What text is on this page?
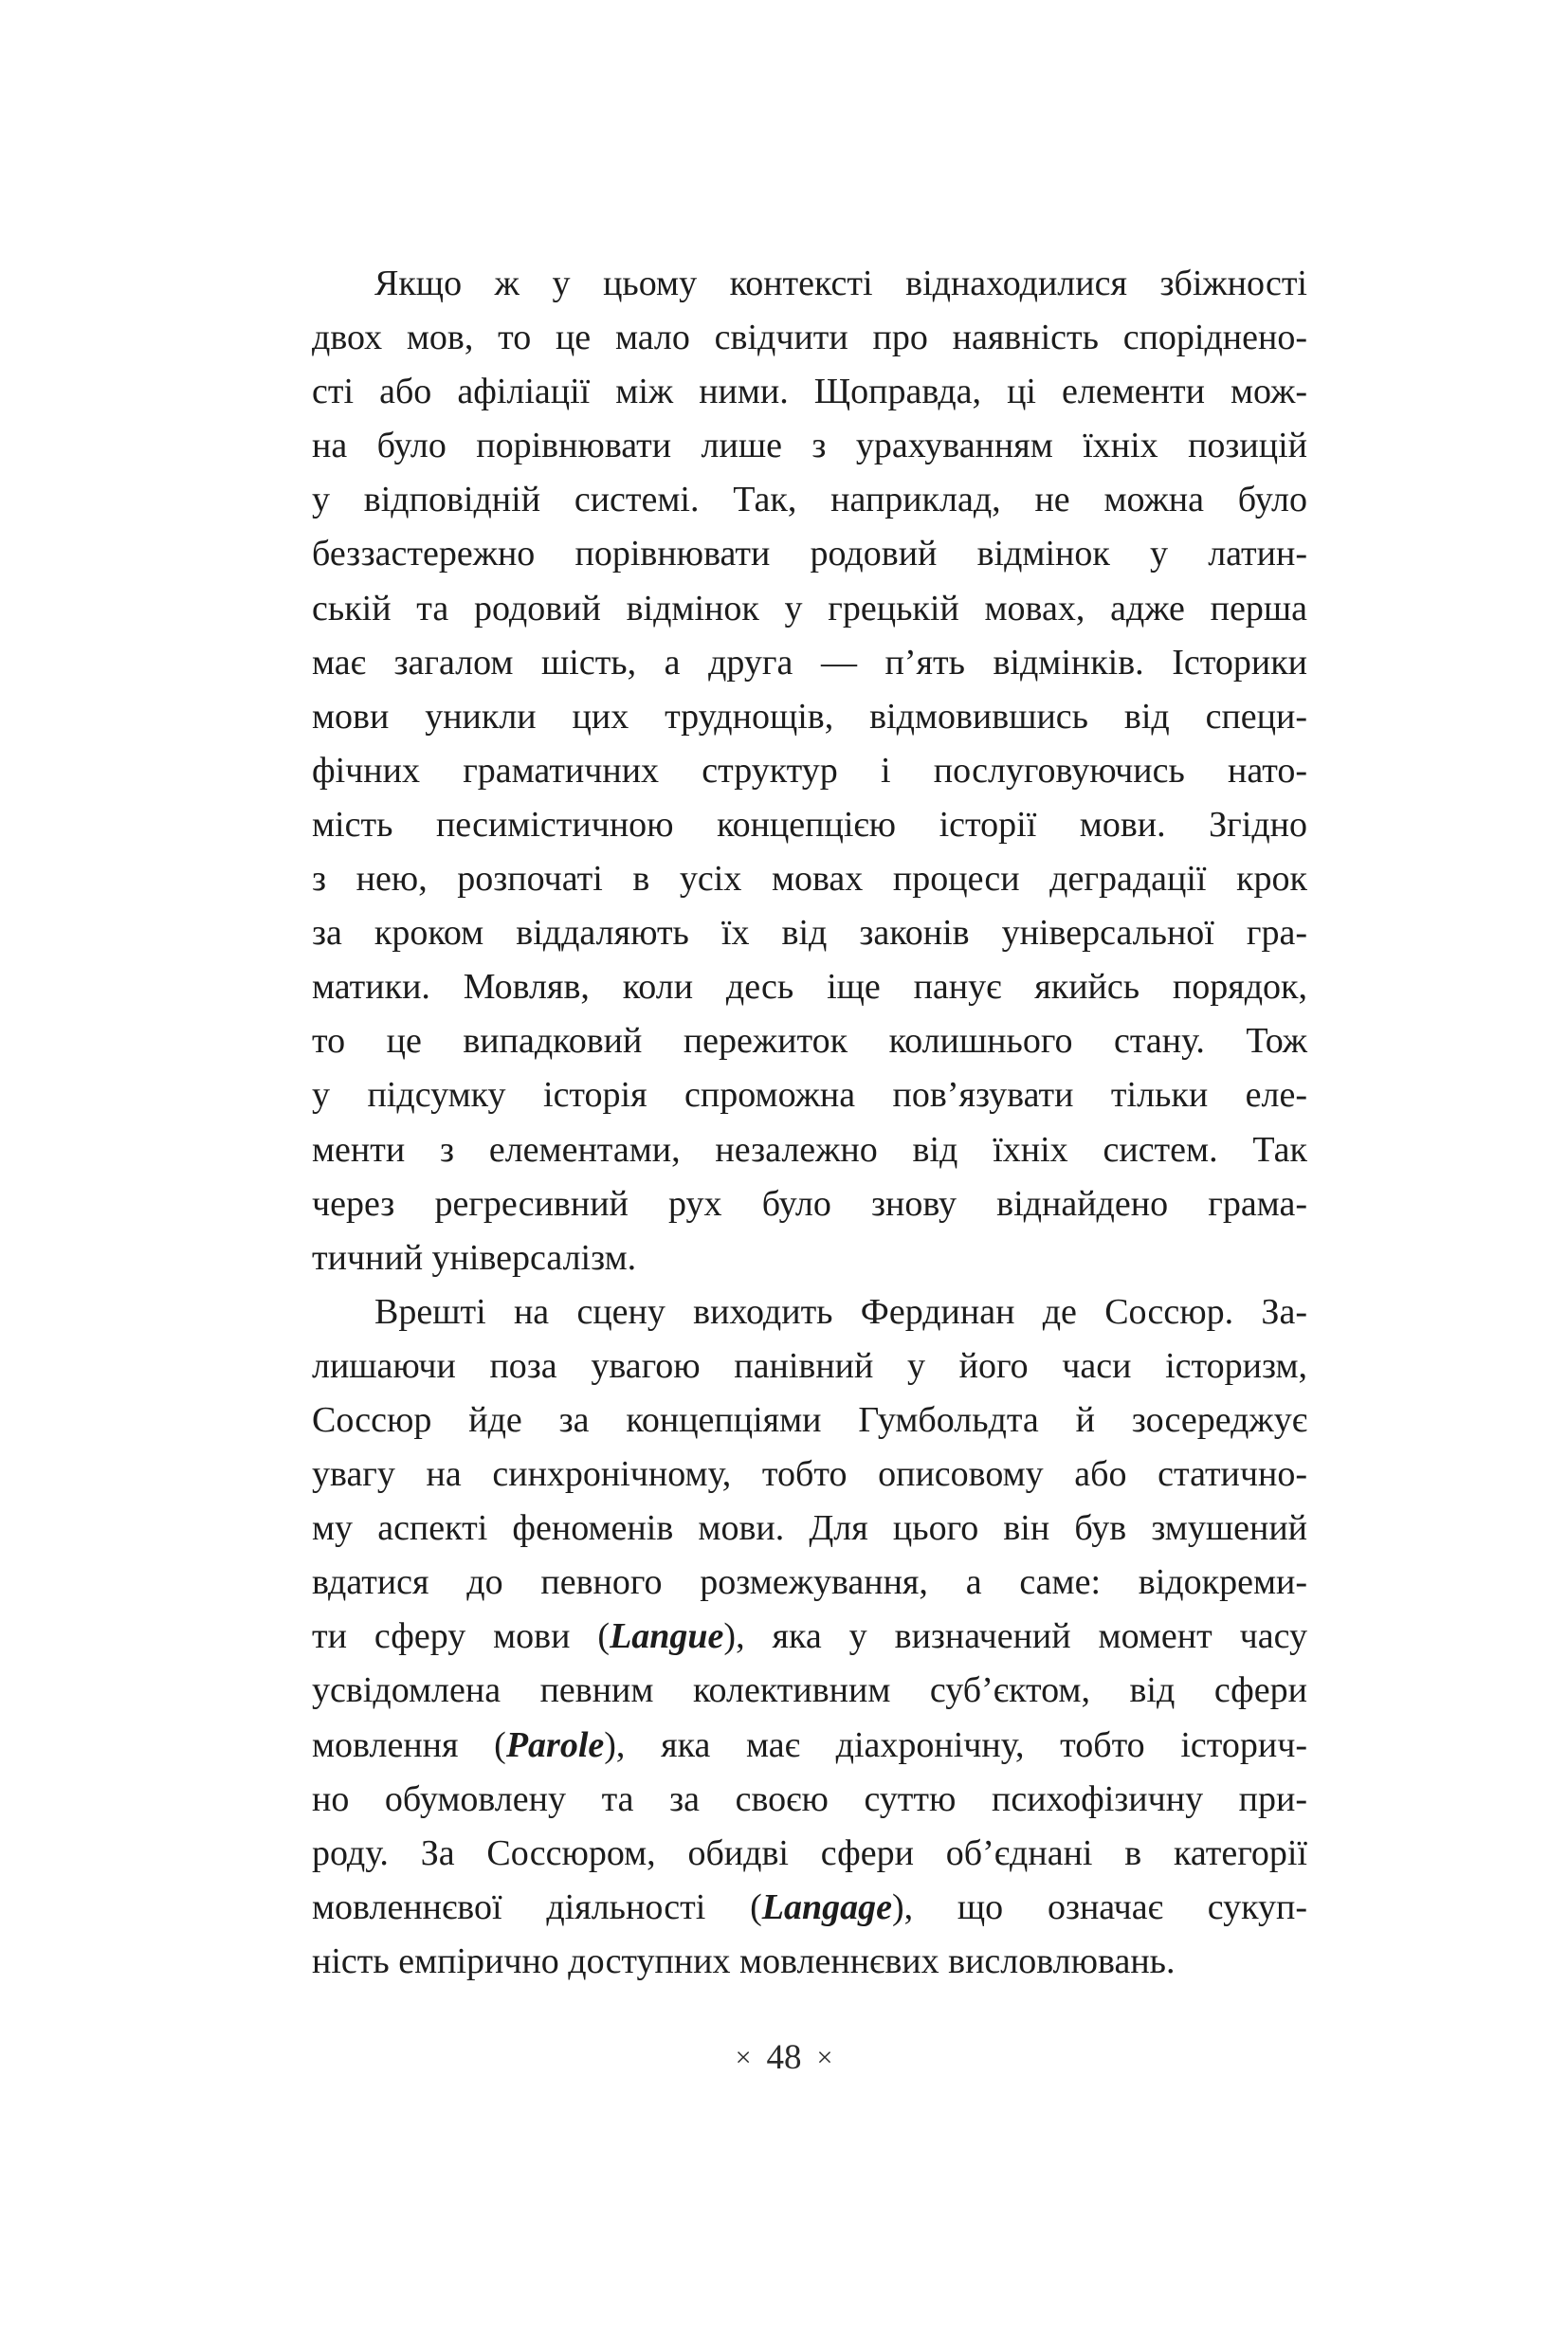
Якщо ж у цьому контексті віднаходилися збіжності
двох мов, то це мало свідчити про наявність споріднено-
сті або афіліації між ними. Щоправда, ці елементи мож-
на було порівнювати лише з урахуванням їхніх позицій
у відповідній системі. Так, наприклад, не можна було
беззастережно порівнювати родовий відмінок у латин-
ській та родовий відмінок у грецькій мовах, адже перша
має загалом шість, а друга — п’ять відмінків. Історики
мови уникли цих труднощів, відмовившись від специ-
фічних граматичних структур і послуговуючись нато-
мість песимістичною концепцією історії мови. Згідно
з нею, розпочаті в усіх мовах процеси деградації крок
за кроком віддаляють їх від законів універсальної гра-
матики. Мовляв, коли десь іще панує якийсь порядок,
то це випадковий пережиток колишнього стану. Тож
у підсумку історія спроможна пов’язувати тільки еле-
менти з елементами, незалежно від їхніх систем. Так
через регресивний рух було знову віднайдено грама-
тичний універсалізм.
Врешті на сцену виходить Фердинан де Соссюр. За-
лишаючи поза увагою панівний у його часи історизм,
Соссюр йде за концепціями Гумбольдта й зосереджує
увагу на синхронічному, тобто описовому або статично-
му аспекті феноменів мови. Для цього він був змушений
вдатися до певного розмежування, а саме: відокреми-
ти сферу мови (Langue), яка у визначений момент часу
усвідомлена певним колективним суб’єктом, від сфери
мовлення (Parole), яка має діахронічну, тобто історич-
но обумовлену та за своєю суттю психофізичну при-
роду. За Соссюром, обидві сфери об’єднані в категорії
мовленнєвої діяльності (Langage), що означає сукуп-
ність емпірично доступних мовленнєвих висловлювань.
× 48 ×
